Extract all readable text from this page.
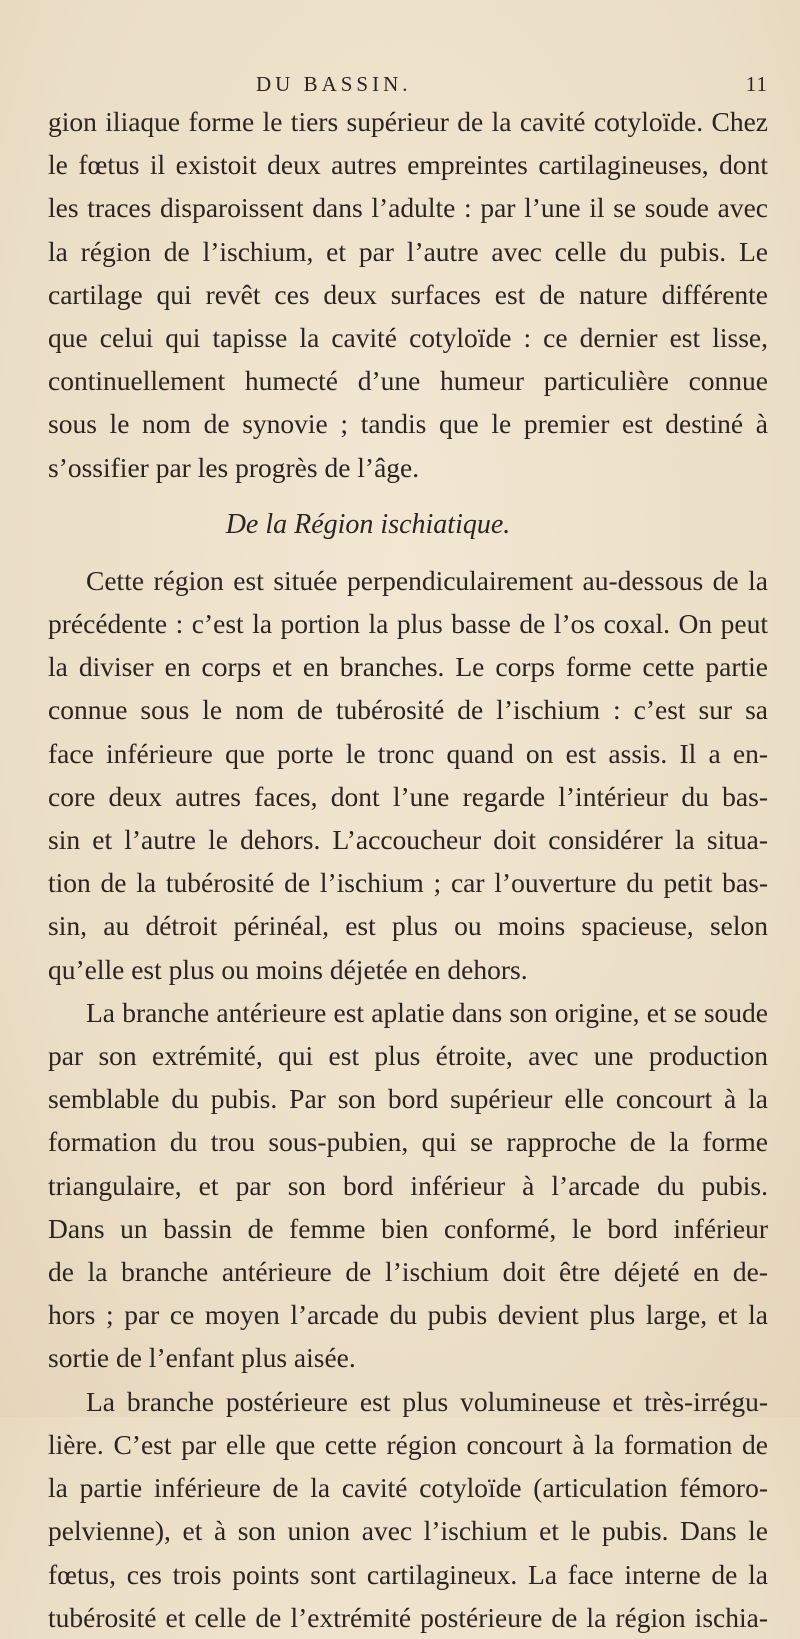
DU BASSIN.	11
gion iliaque forme le tiers supérieur de la cavité cotyloïde. Chez
le fœtus il existoit deux autres empreintes cartilagineuses, dont
les traces disparoissent dans l’adulte : par l’une il se soude avec
la région de l’ischium, et par l’autre avec celle du pubis. Le
cartilage qui revêt ces deux surfaces est de nature différente
que celui qui tapisse la cavité cotyloïde : ce dernier est lisse,
continuellement humecté d’une humeur particulière connue
sous le nom de synovie ; tandis que le premier est destiné à
s’ossifier par les progrès de l’âge.
De la Région ischiatique.
Cette région est située perpendiculairement au-dessous de la
précédente : c’est la portion la plus basse de l’os coxal. On peut
la diviser en corps et en branches. Le corps forme cette partie
connue sous le nom de tubérosité de l’ischium : c’est sur sa
face inférieure que porte le tronc quand on est assis. Il a en-
core deux autres faces, dont l’une regarde l’intérieur du bas-
sin et l’autre le dehors. L’accoucheur doit considérer la situa-
tion de la tubérosité de l’ischium ; car l’ouverture du petit bas-
sin, au détroit périnéal, est plus ou moins spacieuse, selon
qu’elle est plus ou moins déjetée en dehors.
La branche antérieure est aplatie dans son origine, et se soude
par son extrémité, qui est plus étroite, avec une production
semblable du pubis. Par son bord supérieur elle concourt à la
formation du trou sous-pubien, qui se rapproche de la forme
triangulaire, et par son bord inférieur à l’arcade du pubis.
Dans un bassin de femme bien conformé, le bord inférieur
de la branche antérieure de l’ischium doit être déjeté en de-
hors ; par ce moyen l’arcade du pubis devient plus large, et la
sortie de l’enfant plus aisée.
La branche postérieure est plus volumineuse et très-irrégu-
lière. C’est par elle que cette région concourt à la formation de
la partie inférieure de la cavité cotyloïde (articulation fémoro-
pelvienne), et à son union avec l’ischium et le pubis. Dans le
fœtus, ces trois points sont cartilagineux. La face interne de la
tubérosité et celle de l’extrémité postérieure de la région ischia-
